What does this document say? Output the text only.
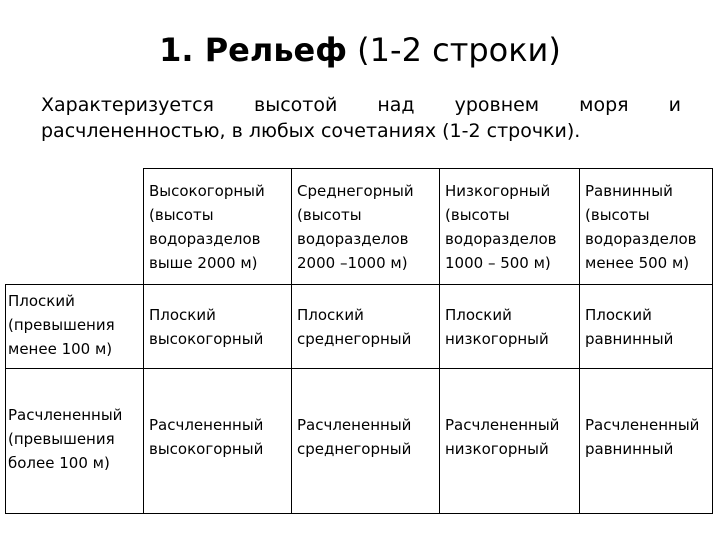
1. Рельеф (1-2 строки)
Характеризуется высотой над уровнем моря и
расчлененностью, в любых сочетаниях (1-2 строчки).

	Высокогорный
(высоты
водоразделов
выше 2000 м)	Среднегорный
(высоты
водоразделов
2000 –1000 м)	Низкогорный
(высоты
водоразделов
1000 – 500 м)	Равнинный
(высоты
водоразделов
менее 500 м)

Плоский
(превышения
менее 100 м)	Плоский
высокогорный	Плоский
среднегорный	Плоский
низкогорный	Плоский
равнинный

Расчлененный
(превышения
более 100 м)	Расчлененный
высокогорный	Расчлененный
среднегорный	Расчлененный
низкогорный	Расчлененный
равнинный
